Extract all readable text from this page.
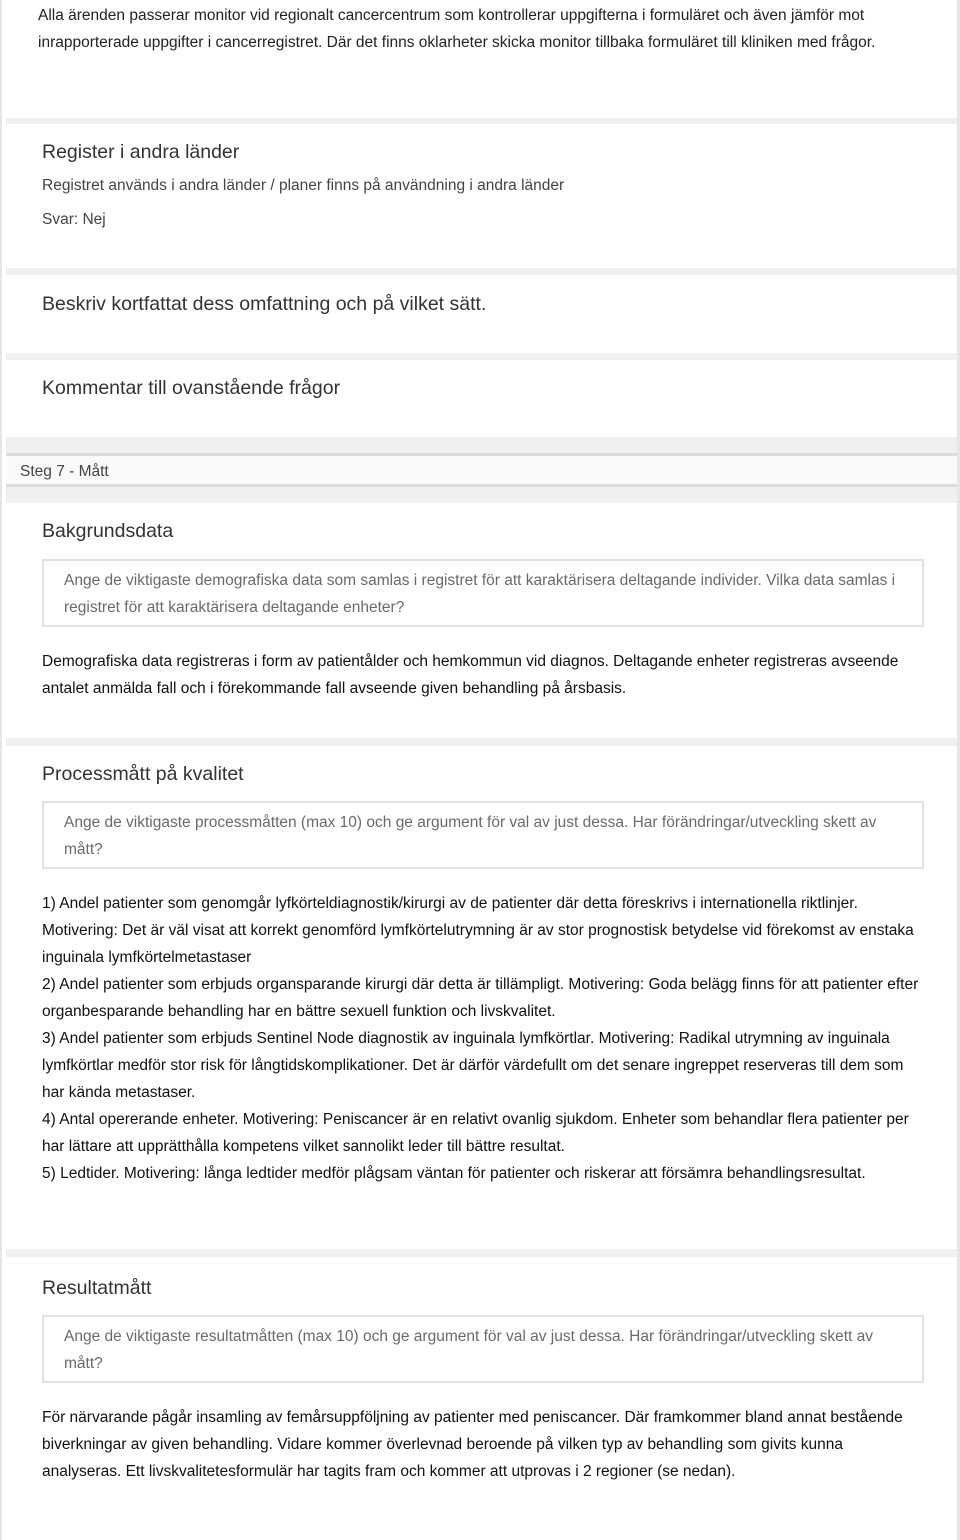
Alla ärenden passerar monitor vid regionalt cancercentrum som kontrollerar uppgifterna i formuläret och även jämför mot inrapporterade uppgifter i cancerregistret. Där det finns oklarheter skicka monitor tillbaka formuläret till kliniken med frågor.
Register i andra länder
Registret används i andra länder / planer finns på användning i andra länder
Svar: Nej
Beskriv kortfattat dess omfattning och på vilket sätt.
Kommentar till ovanstående frågor
Steg 7 - Mått
Bakgrundsdata
Ange de viktigaste demografiska data som samlas i registret för att karaktärisera deltagande individer. Vilka data samlas i registret för att karaktärisera deltagande enheter?
Demografiska data registreras i form av patientålder och hemkommun vid diagnos. Deltagande enheter registreras avseende antalet anmälda fall och i förekommande fall avseende given behandling på årsbasis.
Processmått på kvalitet
Ange de viktigaste processmåtten (max 10) och ge argument för val av just dessa. Har förändringar/utveckling skett av mått?
1) Andel patienter som genomgår lyfkörteldiagnostik/kirurgi av de patienter där detta föreskrivs i internationella riktlinjer. Motivering: Det är väl visat att korrekt genomförd lymfkörtelutrymning är av stor prognostisk betydelse vid förekomst av enstaka inguinala lymfkörtelmetastaser
2) Andel patienter som erbjuds organsparande kirurgi där detta är tillämpligt. Motivering: Goda belägg finns för att patienter efter organbesparande behandling har en bättre sexuell funktion och livskvalitet.
3) Andel patienter som erbjuds Sentinel Node diagnostik av inguinala lymfkörtlar. Motivering: Radikal utrymning av inguinala lymfkörtlar medför stor risk för långtidskomplikationer. Det är därför värdefullt om det senare ingreppet reserveras till dem som har kända metastaser.
4) Antal opererande enheter. Motivering: Peniscancer är en relativt ovanlig sjukdom. Enheter som behandlar flera patienter per har lättare att upprätthålla kompetens vilket sannolikt leder till bättre resultat.
5) Ledtider. Motivering: långa ledtider medför plågsam väntan för patienter och riskerar att försämra behandlingsresultat.
Resultatmått
Ange de viktigaste resultatmåtten (max 10) och ge argument för val av just dessa. Har förändringar/utveckling skett av mått?
För närvarande pågår insamling av femårsuppföljning av patienter med peniscancer. Där framkommer bland annat bestående biverkningar av given behandling. Vidare kommer överlevnad beroende på vilken typ av behandling som givits kunna analyseras. Ett livskvalitetesformulär har tagits fram och kommer att utprovas i 2 regioner (se nedan).
